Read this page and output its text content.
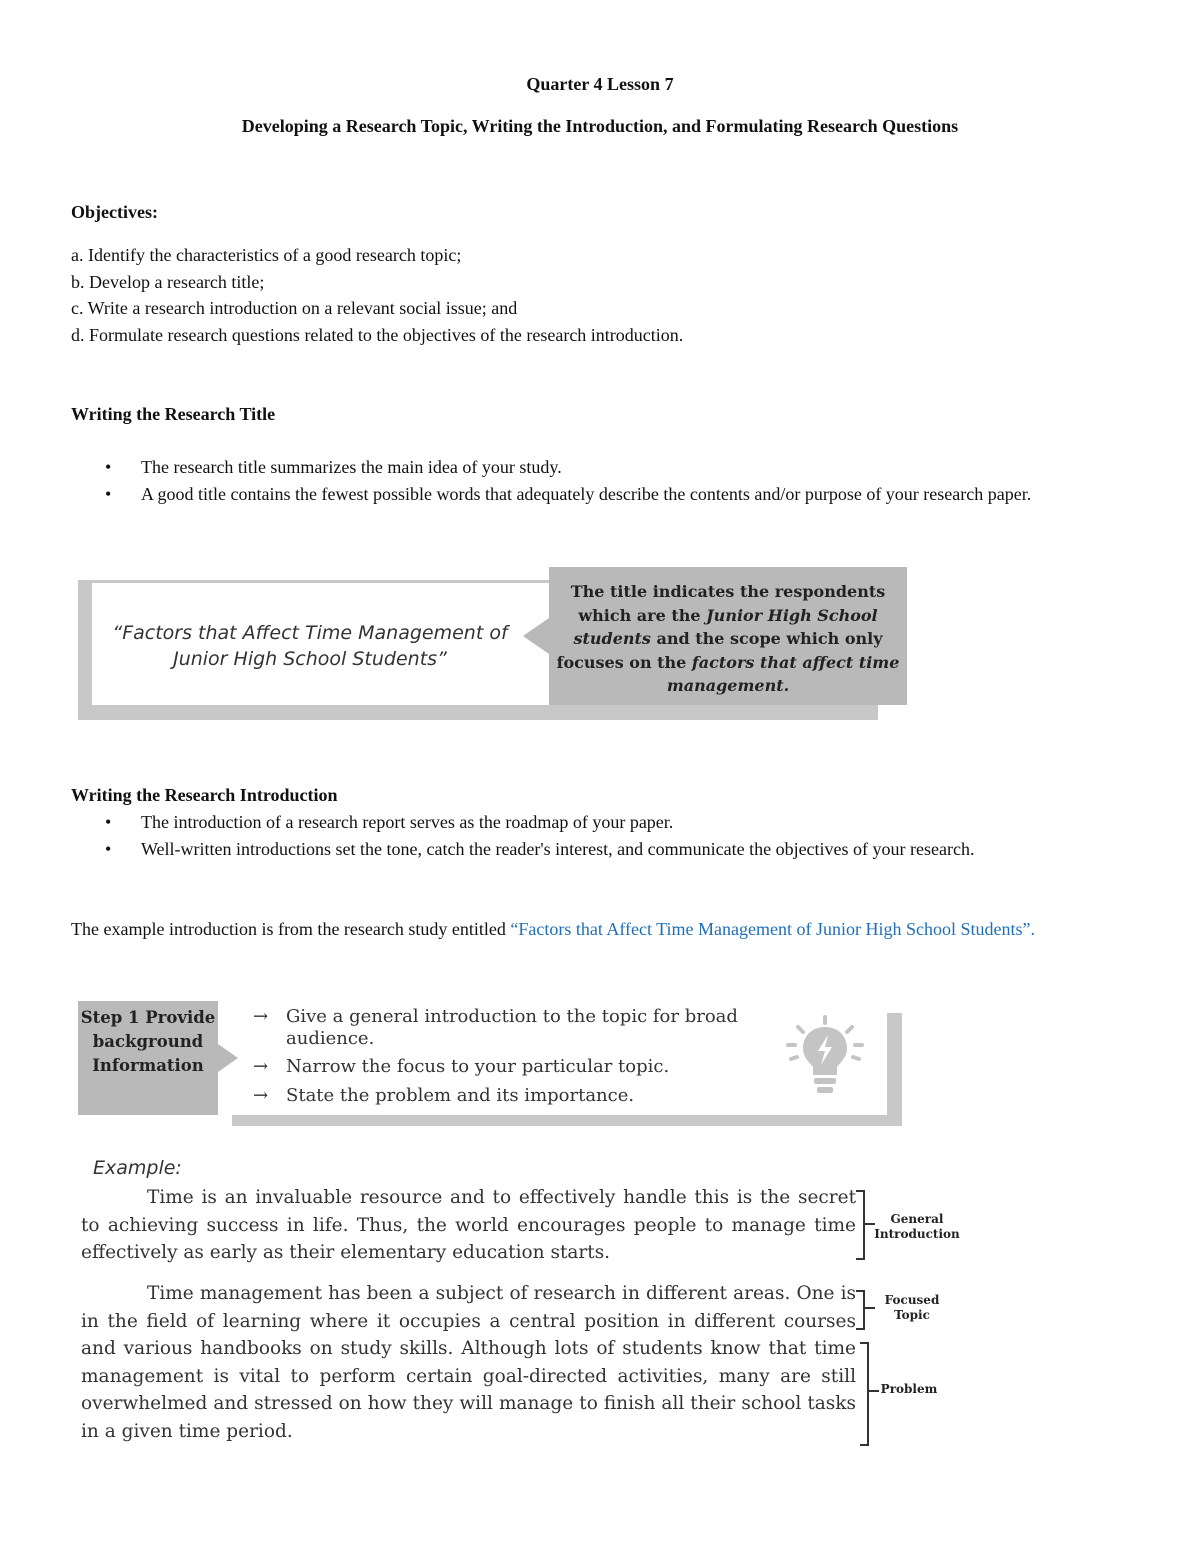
Quarter 4 Lesson 7
Developing a Research Topic, Writing the Introduction, and Formulating Research Questions
Objectives:
a. Identify the characteristics of a good research topic;
b. Develop a research title;
c. Write a research introduction on a relevant social issue; and
d. Formulate research questions related to the objectives of the research introduction.
Writing the Research Title
•	The research title summarizes the main idea of your study.
•	A good title contains the fewest possible words that adequately describe the contents and/or purpose of your research paper.
“Factors that Affect Time Management of Junior High School Students”
The title indicates the respondents which are the Junior High School students and the scope which only focuses on the factors that affect time management.
Writing the Research Introduction
•	The introduction of a research report serves as the roadmap of your paper.
•	Well-written introductions set the tone, catch the reader's interest, and communicate the objectives of your research.
The example introduction is from the research study entitled “Factors that Affect Time Management of Junior High School Students”.
Step 1 Provide background Information
→ Give a general introduction to the topic for broad audience.
→ Narrow the focus to your particular topic.
→ State the problem and its importance.
Example:
Time is an invaluable resource and to effectively handle this is the secret to achieving success in life. Thus, the world encourages people to manage time effectively as early as their elementary education starts.
Time management has been a subject of research in different areas. One is in the field of learning where it occupies a central position in different courses and various handbooks on study skills. Although lots of students know that time management is vital to perform certain goal-directed activities, many are still overwhelmed and stressed on how they will manage to finish all their school tasks in a given time period.
General Introduction
Focused Topic
Problem
